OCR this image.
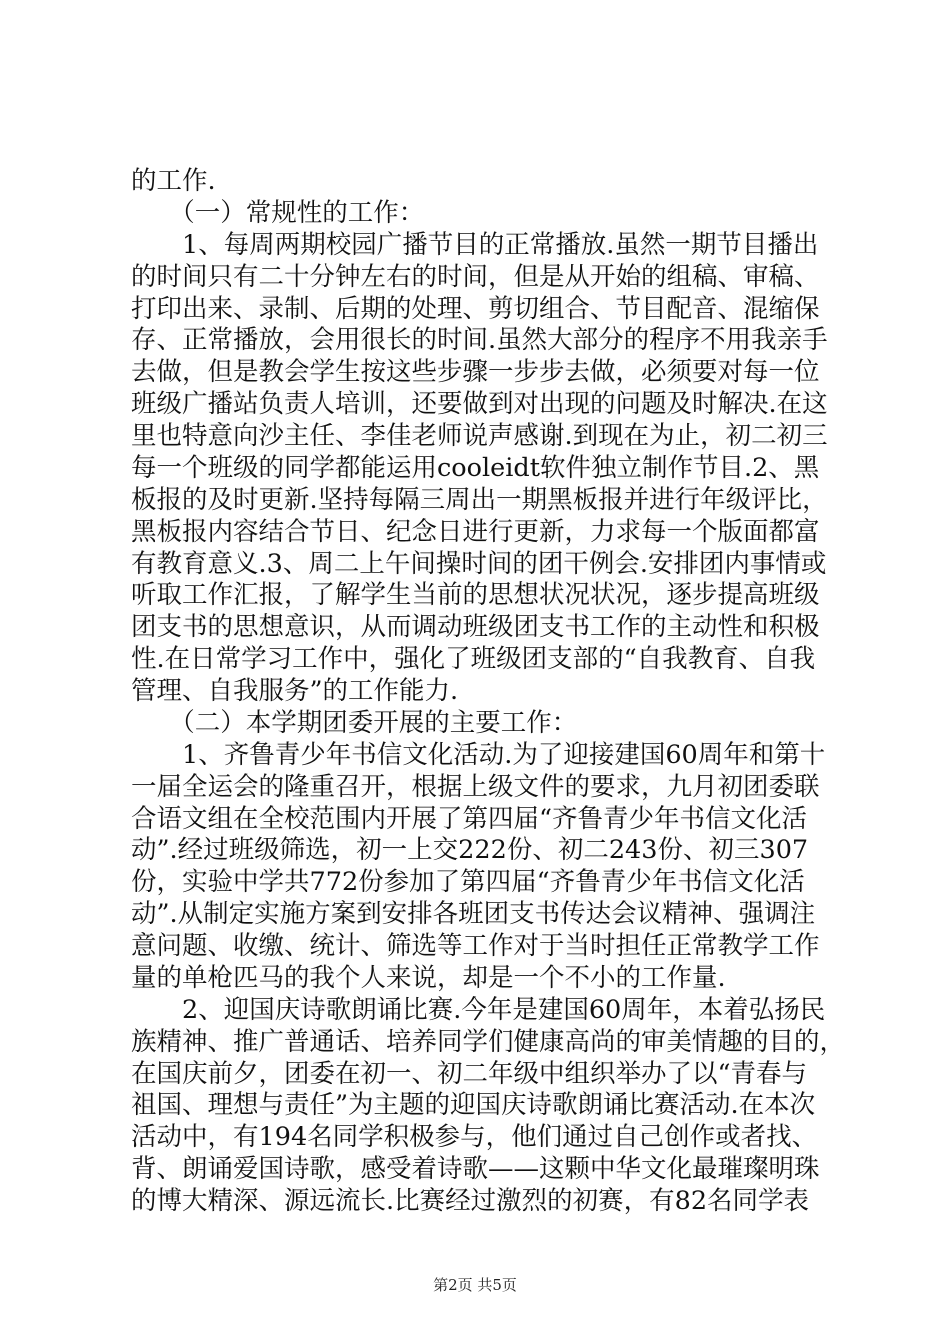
的工作.
　　（一）常规性的工作：
　　1、每周两期校园广播节目的正常播放.虽然一期节目播出
的时间只有二十分钟左右的时间，但是从开始的组稿、审稿、
打印出来、录制、后期的处理、剪切组合、节目配音、混缩保
存、正常播放，会用很长的时间.虽然大部分的程序不用我亲手
去做，但是教会学生按这些步骤一步步去做，必须要对每一位
班级广播站负责人培训，还要做到对出现的问题及时解决.在这
里也特意向沙主任、李佳老师说声感谢.到现在为止，初二初三
每一个班级的同学都能运用cooleidt软件独立制作节目.2、黑
板报的及时更新.坚持每隔三周出一期黑板报并进行年级评比，
黑板报内容结合节日、纪念日进行更新，力求每一个版面都富
有教育意义.3、周二上午间操时间的团干例会.安排团内事情或
听取工作汇报，了解学生当前的思想状况状况，逐步提高班级
团支书的思想意识，从而调动班级团支书工作的主动性和积极
性.在日常学习工作中，强化了班级团支部的“自我教育、自我
管理、自我服务”的工作能力.
　　（二）本学期团委开展的主要工作：
　　1、齐鲁青少年书信文化活动.为了迎接建国60周年和第十
一届全运会的隆重召开，根据上级文件的要求，九月初团委联
合语文组在全校范围内开展了第四届“齐鲁青少年书信文化活
动”.经过班级筛选，初一上交222份、初二243份、初三307
份，实验中学共772份参加了第四届“齐鲁青少年书信文化活
动”.从制定实施方案到安排各班团支书传达会议精神、强调注
意问题、收缴、统计、筛选等工作对于当时担任正常教学工作
量的单枪匹马的我个人来说，却是一个不小的工作量.
　　2、迎国庆诗歌朗诵比赛.今年是建国60周年，本着弘扬民
族精神、推广普通话、培养同学们健康高尚的审美情趣的目的，
在国庆前夕，团委在初一、初二年级中组织举办了以“青春与
祖国、理想与责任”为主题的迎国庆诗歌朗诵比赛活动.在本次
活动中，有194名同学积极参与，他们通过自己创作或者找、
背、朗诵爱国诗歌，感受着诗歌——这颗中华文化最璀璨明珠
的博大精深、源远流长.比赛经过激烈的初赛，有82名同学表
第2页 共5页
